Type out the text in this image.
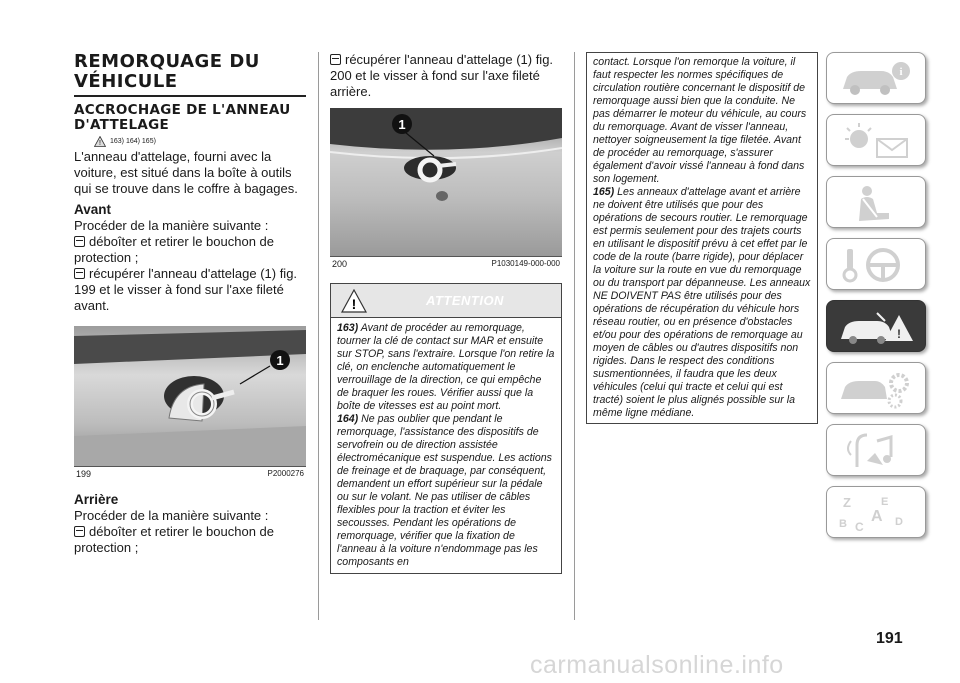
REMORQUAGE DU VÉHICULE
ACCROCHAGE DE L'ANNEAU D'ATTELAGE
! 163) 164) 165)

L'anneau d'attelage, fourni avec la voiture, est situé dans la boîte à outils qui se trouve dans le coffre à bagages.

Avant

Procéder de la manière suivante :

déboîter et retirer le bouchon de protection ;

récupérer l'anneau d'attelage (1) fig. 199 et le visser à fond sur l'axe fileté avant.

1
199	P2000276
Arrière

Procéder de la manière suivante :

déboîter et retirer le bouchon de protection ;

récupérer l'anneau d'attelage (1) fig. 200 et le visser à fond sur l'axe fileté arrière.

1
200	P1030149-000-000
!	ATTENTION

163) Avant de procéder au remorquage, tourner la clé de contact sur MAR et ensuite sur STOP, sans l'extraire. Lorsque l'on retire la clé, on enclenche automatiquement le verrouillage de la direction, ce qui empêche de braquer les roues. Vérifier aussi que la boîte de vitesses est au point mort.

164) Ne pas oublier que pendant le remorquage, l'assistance des dispositifs de servofrein ou de direction assistée électromécanique est suspendue. Les actions de freinage et de braquage, par conséquent, demandent un effort supérieur sur la pédale ou sur le volant. Ne pas utiliser de câbles flexibles pour la traction et éviter les secousses. Pendant les opérations de remorquage, vérifier que la fixation de l'anneau à la voiture n'endommage pas les composants en

contact. Lorsque l'on remorque la voiture, il faut respecter les normes spécifiques de circulation routière concernant le dispositif de remorquage aussi bien que la conduite. Ne pas démarrer le moteur du véhicule, au cours du remorquage. Avant de visser l'anneau, nettoyer soigneusement la tige filetée. Avant de procéder au remorquage, s'assurer également d'avoir vissé l'anneau à fond dans son logement.

165) Les anneaux d'attelage avant et arrière ne doivent être utilisés que pour des opérations de secours routier. Le remorquage est permis seulement pour des trajets courts en utilisant le dispositif prévu à cet effet par le code de la route (barre rigide), pour déplacer la voiture sur la route en vue du remorquage ou du transport par dépanneuse. Les anneaux NE DOIVENT PAS être utilisés pour des opérations de récupération du véhicule hors réseau routier, ou en présence d'obstacles et/ou pour des opérations de remorquage au moyen de câbles ou d'autres dispositifs non rigides. Dans le respect des conditions susmentionnées, il faudra que les deux véhicules (celui qui tracte et celui qui est tracté) soient le plus alignés possible sur la même ligne médiane.

i
!
Z	E
A
B C	D
191
carmanualsonline.info
